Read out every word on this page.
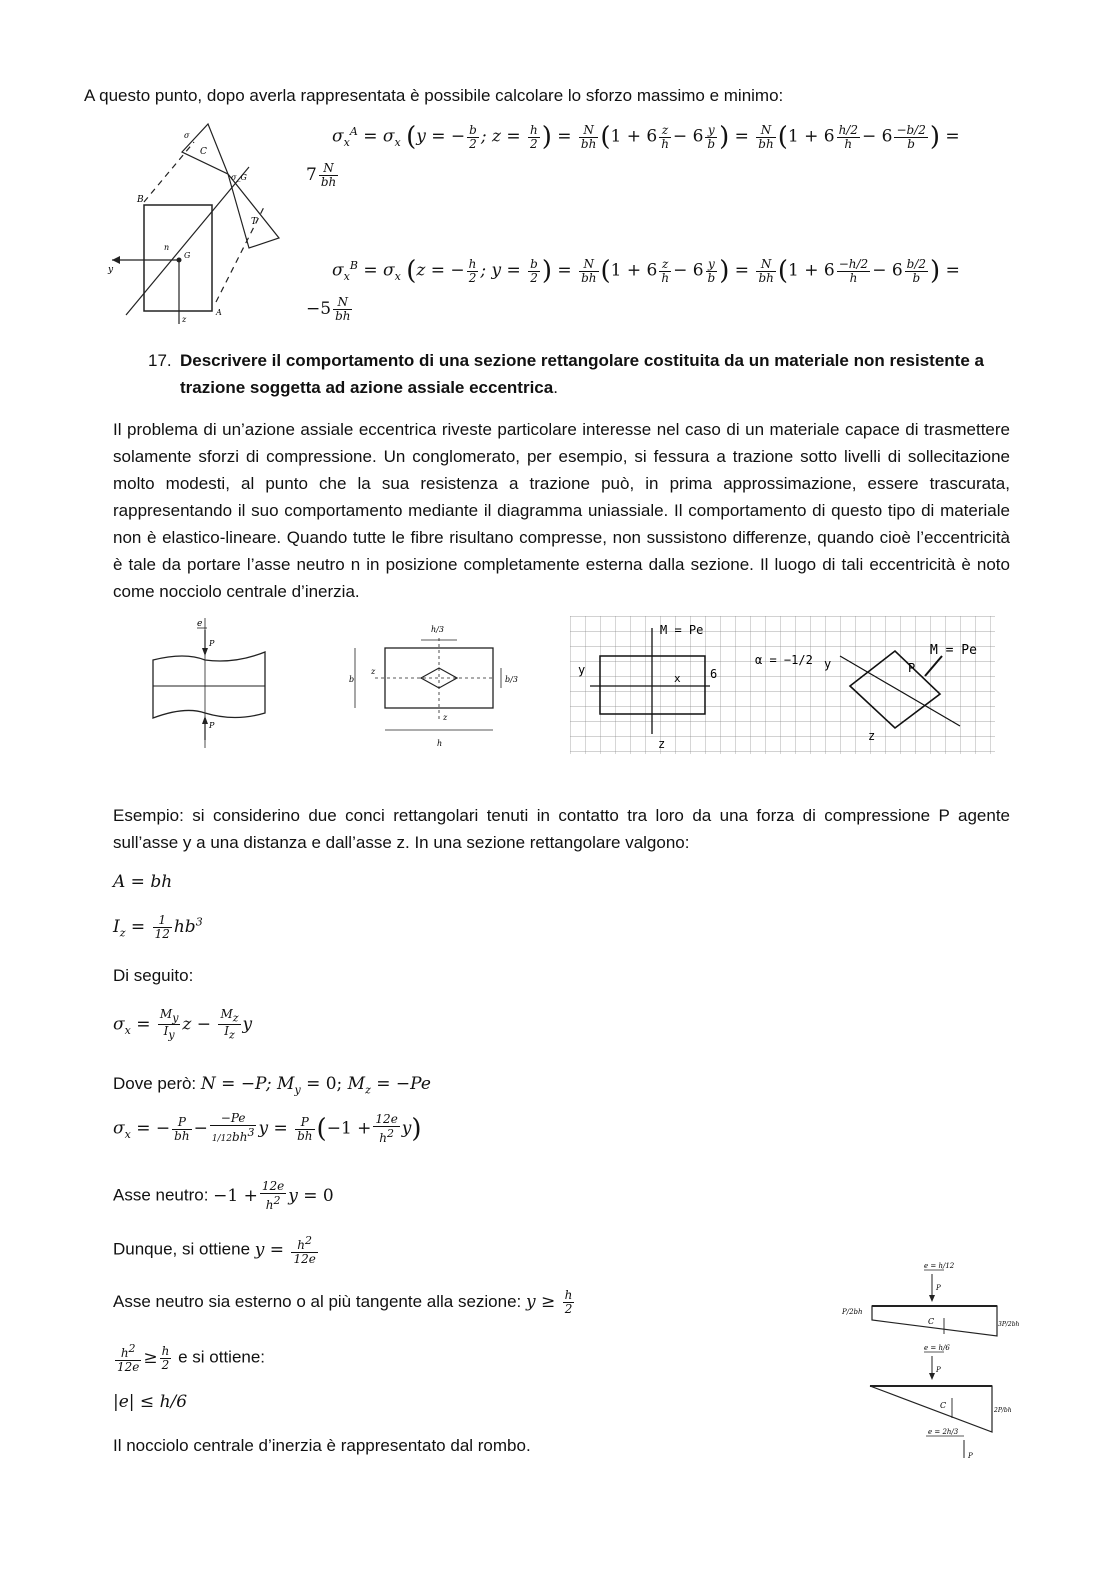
A questo punto, dopo averla rappresentata è possibile calcolare lo sforzo massimo e minimo:
B
C
T
G
y
z
A
σ_G
n
σ	$\sigma_x^A = \sigma_x$ (y = − $\frac{b}{2}$ ; $z = \frac{h}{2}$ ) = $\frac{N}{bh} (1 + 6 \frac{z}{h} - 6 \frac{y}{b}$ ) = $\frac{N}{bh} (1 + 6 \frac{h/2}{h} - 6 \frac{-b/2}{b}$ ) =
$7 \frac{N}{bh}$
$\sigma_x^B = \sigma_x$ (z = − $\frac{h}{2}$ ; $y = \frac{b}{2}$ ) = $\frac{N}{bh} (1 + 6 \frac{z}{h} - 6 \frac{y}{b}$ ) = $\frac{N}{bh} (1 + 6 \frac{-h/2}{h} - 6 \frac{b/2}{b}$ ) =
$-5 \frac{N}{bh}$
17. Descrivere il comportamento di una sezione rettangolare costituita da un materiale non resistente a trazione soggetta ad azione assiale eccentrica.
Il problema di un’azione assiale eccentrica riveste particolare interesse nel caso di un materiale capace di trasmettere solamente sforzi di compressione. Un conglomerato, per esempio, si fessura a trazione sotto livelli di sollecitazione molto modesti, al punto che la sua resistenza a trazione può, in prima approssimazione, essere trascurata, rappresentando il suo comportamento mediante il diagramma uniassiale. Il comportamento di questo tipo di materiale non è elastico-lineare. Quando tutte le fibre risultano compresse, non sussistono differenze, quando cioè l’eccentricità è tale da portare l’asse neutro n in posizione completamente esterna dalla sezione. Il luogo di tali eccentricità è noto come nocciolo centrale d’inerzia.
e
P
P
h/3
b/3
b
z
h
z
M = Pe
M = Pe
α = −1/2
y
x 6
z
P
y
z
Esempio: si considerino due conci rettangolari tenuti in contatto tra loro da una forza di compressione P agente sull’asse y a una distanza e dall’asse z. In una sezione rettangolare valgono:
A = bh
$I_z = \frac{1}{12} hb^3$
Di seguito:
$\sigma_x = \frac{M_y}{I_y}$ $z - \frac{M_z}{I_z}$ y
Dove però: N = −P; $M_y = 0$; $M_z = -Pe$
$\sigma_x$ = − $\frac{P}{bh} - \frac{-Pe}{1/12bh^3}$ $y = \frac{P}{bh} (-1 + \frac{12e}{h^2} y)$
Asse neutro: $-1 + \frac{12e}{h^2}$ y = 0
Dunque, si ottiene $y = \frac{h^2}{12e}$
Asse neutro sia esterno o al più tangente alla sezione: $y \ge \frac{h}{2}$
$\frac{h^2}{12e} \ge \frac{h}{2}$ e si ottiene:
|e| ≤ h/6
Il nocciolo centrale d’inerzia è rappresentato dal rombo.
e = h/12
P
P/2bh
C	3P/2bh
e = h/6
P
C
2P/bh
e = 2h/3
P
